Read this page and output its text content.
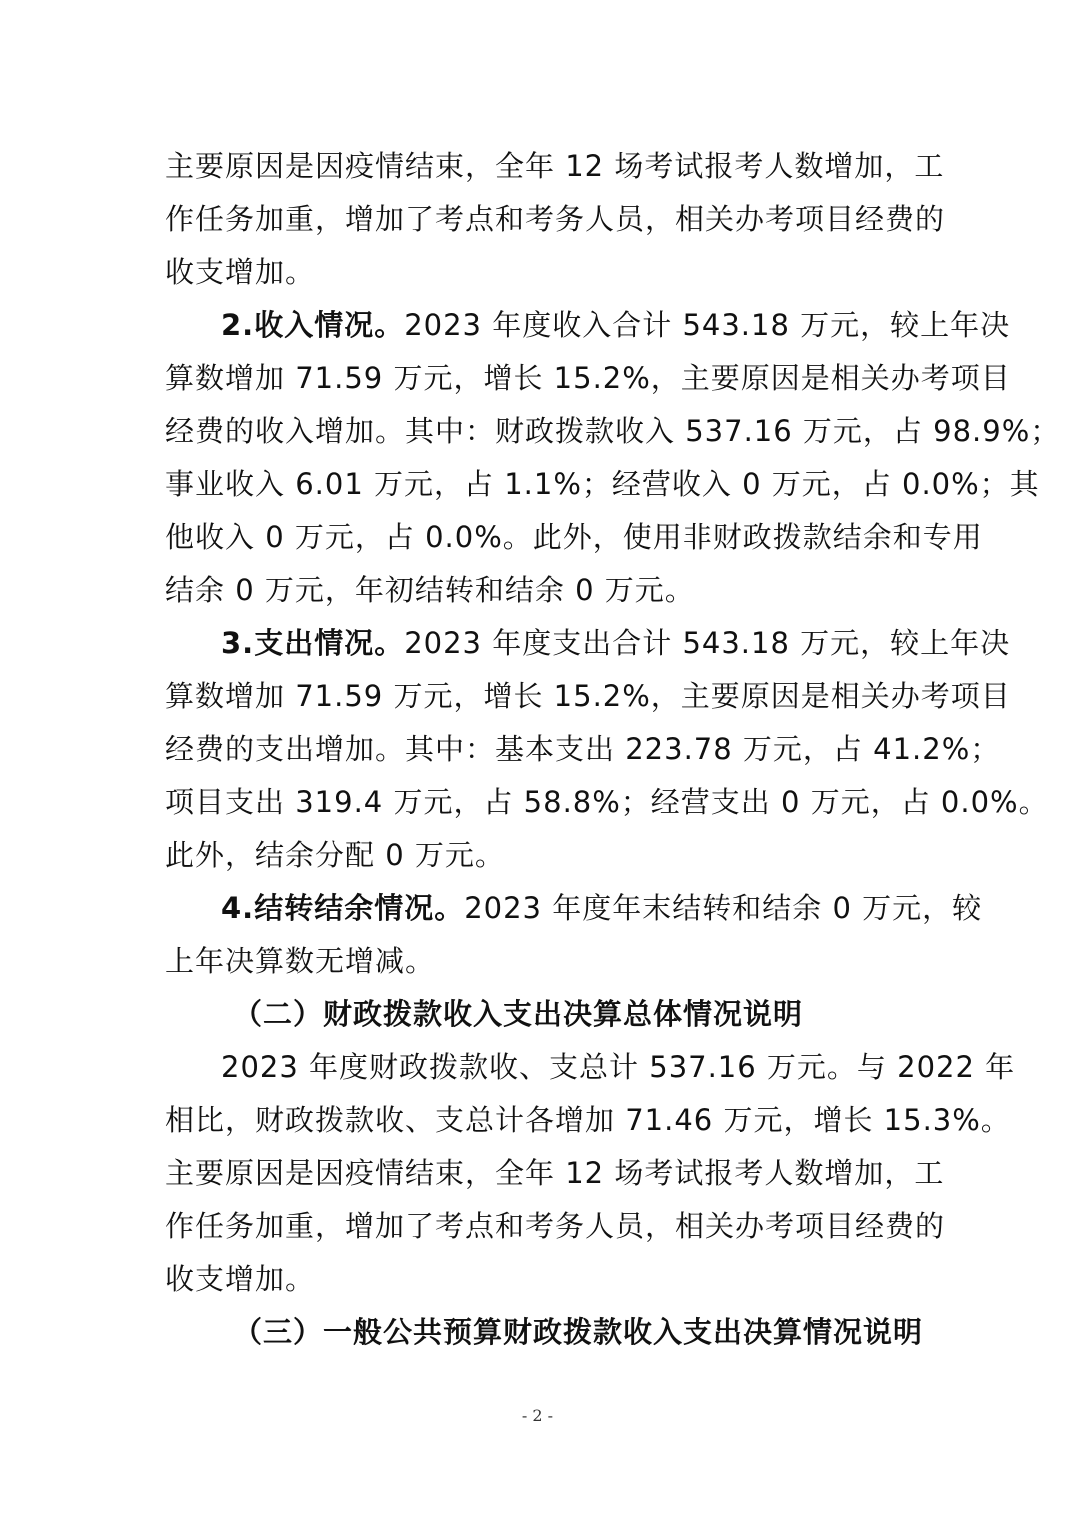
主要原因是因疫情结束，全年 12 场考试报考人数增加，工
作任务加重，增加了考点和考务人员，相关办考项目经费的
收支增加。
2.收入情况。2023 年度收入合计 543.18 万元，较上年决
算数增加 71.59 万元，增长 15.2%，主要原因是相关办考项目
经费的收入增加。其中：财政拨款收入 537.16 万元，占 98.9%；
事业收入 6.01 万元，占 1.1%；经营收入 0 万元，占 0.0%；其
他收入 0 万元，占 0.0%。此外，使用非财政拨款结余和专用
结余 0 万元，年初结转和结余 0 万元。
3.支出情况。2023 年度支出合计 543.18 万元，较上年决
算数增加 71.59 万元，增长 15.2%，主要原因是相关办考项目
经费的支出增加。其中：基本支出 223.78 万元，占 41.2%；
项目支出 319.4 万元，占 58.8%；经营支出 0 万元，占 0.0%。
此外，结余分配 0 万元。
4.结转结余情况。2023 年度年末结转和结余 0 万元，较
上年决算数无增减。
（二）财政拨款收入支出决算总体情况说明
2023 年度财政拨款收、支总计 537.16 万元。与 2022 年
相比，财政拨款收、支总计各增加 71.46 万元，增长 15.3%。
主要原因是因疫情结束，全年 12 场考试报考人数增加，工
作任务加重，增加了考点和考务人员，相关办考项目经费的
收支增加。
（三）一般公共预算财政拨款收入支出决算情况说明
- 2 -
